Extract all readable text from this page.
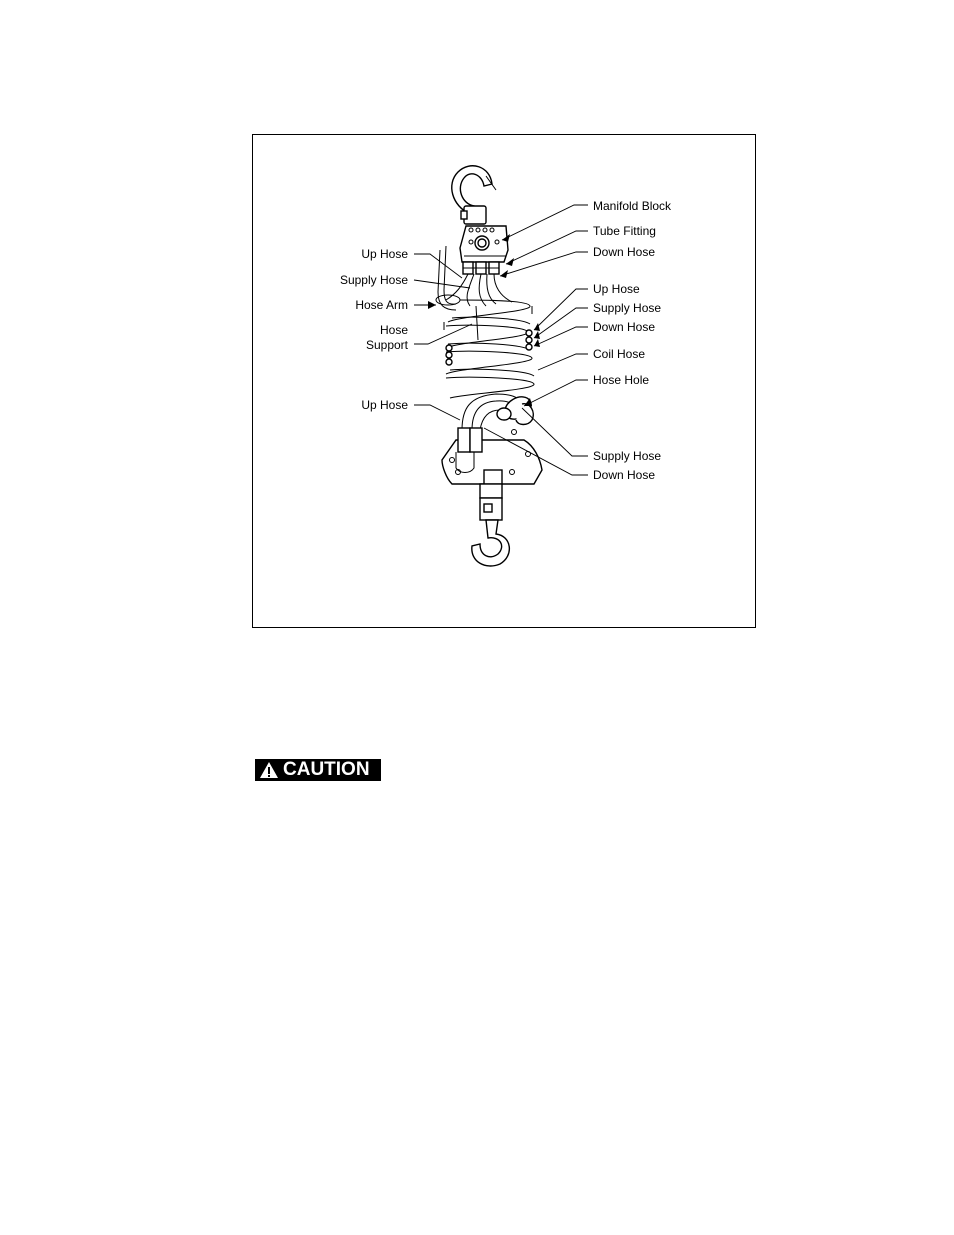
Up Hose
Supply Hose
Hose Arm
Hose
Support
Up Hose
Manifold Block
Tube Fitting
Down Hose
Up Hose
Supply Hose
Down Hose
Coil Hose
Hose Hole
Supply Hose
Down Hose
CAUTION
